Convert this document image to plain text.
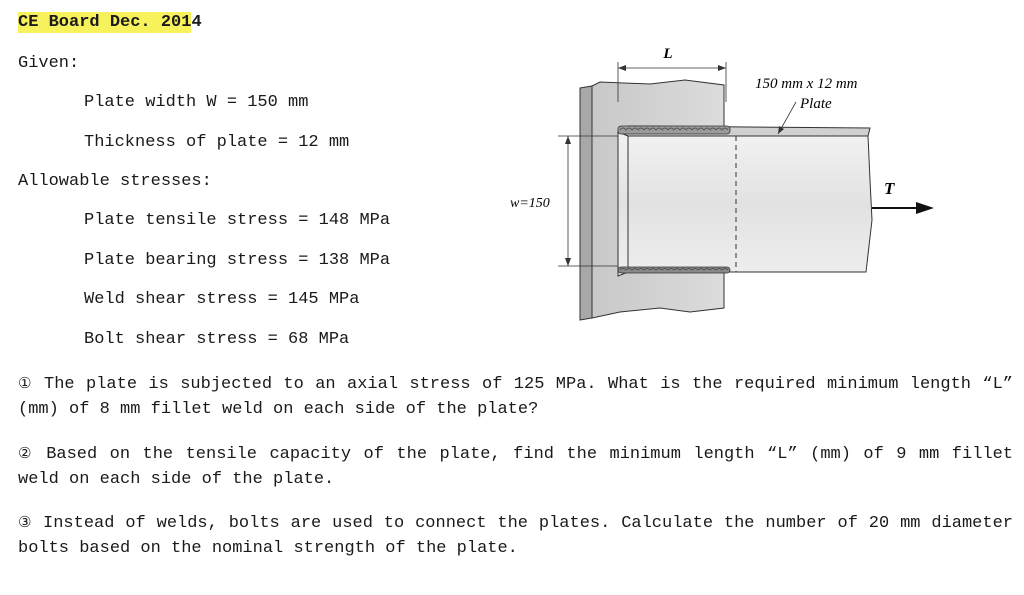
CE Board Dec. 2014
Given:
Plate width W = 150 mm
Thickness of plate = 12 mm
Allowable stresses:
Plate tensile stress = 148 MPa
Plate bearing stress = 138 MPa
Weld shear stress = 145 MPa
Bolt shear stress = 68 MPa
L
w=150
150 mm x 12 mm
Plate
T
① The plate is subjected to an axial stress of 125 MPa. What is the required minimum length “L” (mm) of 8 mm fillet weld on each side of the plate?
② Based on the tensile capacity of the plate, find the minimum length “L” (mm) of 9 mm fillet weld on each side of the plate.
③ Instead of welds, bolts are used to connect the plates. Calculate the number of 20 mm diameter bolts based on the nominal strength of the plate.
